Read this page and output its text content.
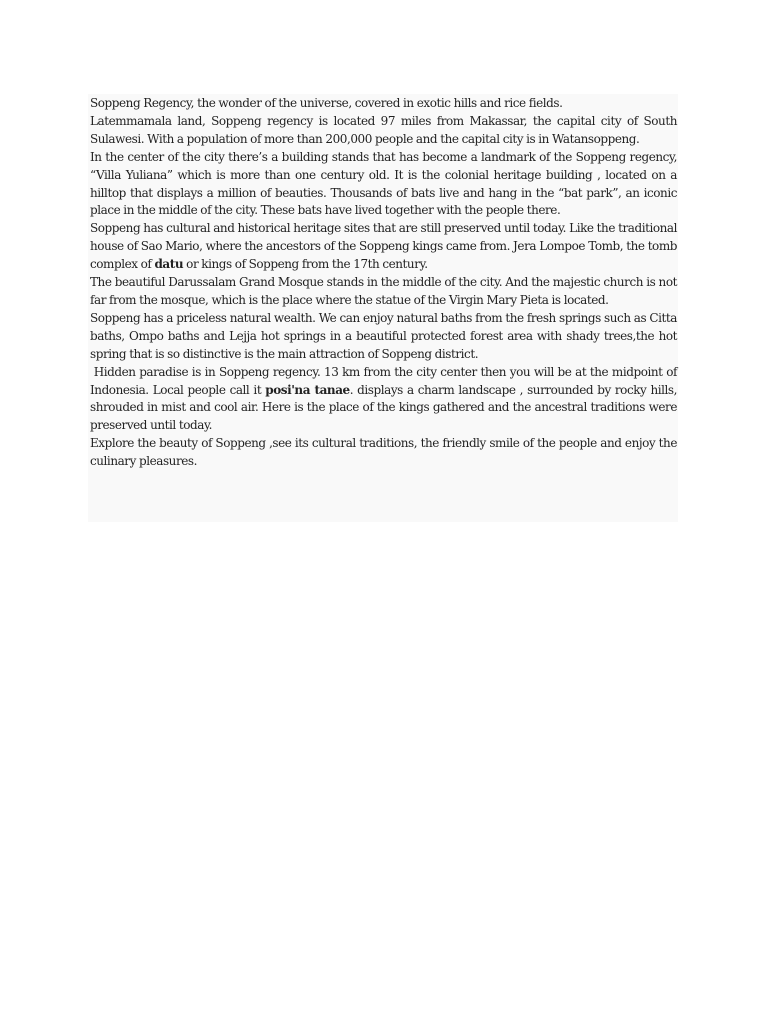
Soppeng Regency, the wonder of the universe, covered in exotic hills and rice fields.

Latemmamala land, Soppeng regency is located 97 miles from Makassar, the capital city of South Sulawesi. With a population of more than 200,000 people and the capital city is in Watansoppeng.

In the center of the city there’s a building stands that has become a landmark of the Soppeng regency, “Villa Yuliana” which is more than one century old. It is the colonial heritage building , located on a hilltop that displays a million of beauties. Thousands of bats live and hang in the “bat park”, an iconic place in the middle of the city. These bats have lived together with the people there.

Soppeng has cultural and historical heritage sites that are still preserved until today. Like the traditional house of Sao Mario, where the ancestors of the Soppeng kings came from. Jera Lompoe Tomb, the tomb complex of datu or kings of Soppeng from the 17th century.

The beautiful Darussalam Grand Mosque stands in the middle of the city. And the majestic church is not far from the mosque, which is the place where the statue of the Virgin Mary Pieta is located.

Soppeng has a priceless natural wealth. We can enjoy natural baths from the fresh springs such as Citta baths, Ompo baths and Lejja hot springs in a beautiful protected forest area with shady trees,the hot spring that is so distinctive is the main attraction of Soppeng district.

Hidden paradise is in Soppeng regency. 13 km from the city center then you will be at the midpoint of Indonesia. Local people call it posi'na tanae. displays a charm landscape , surrounded by rocky hills, shrouded in mist and cool air. Here is the place of the kings gathered and the ancestral traditions were preserved until today.

Explore the beauty of Soppeng ,see its cultural traditions, the friendly smile of the people and enjoy the culinary pleasures.
